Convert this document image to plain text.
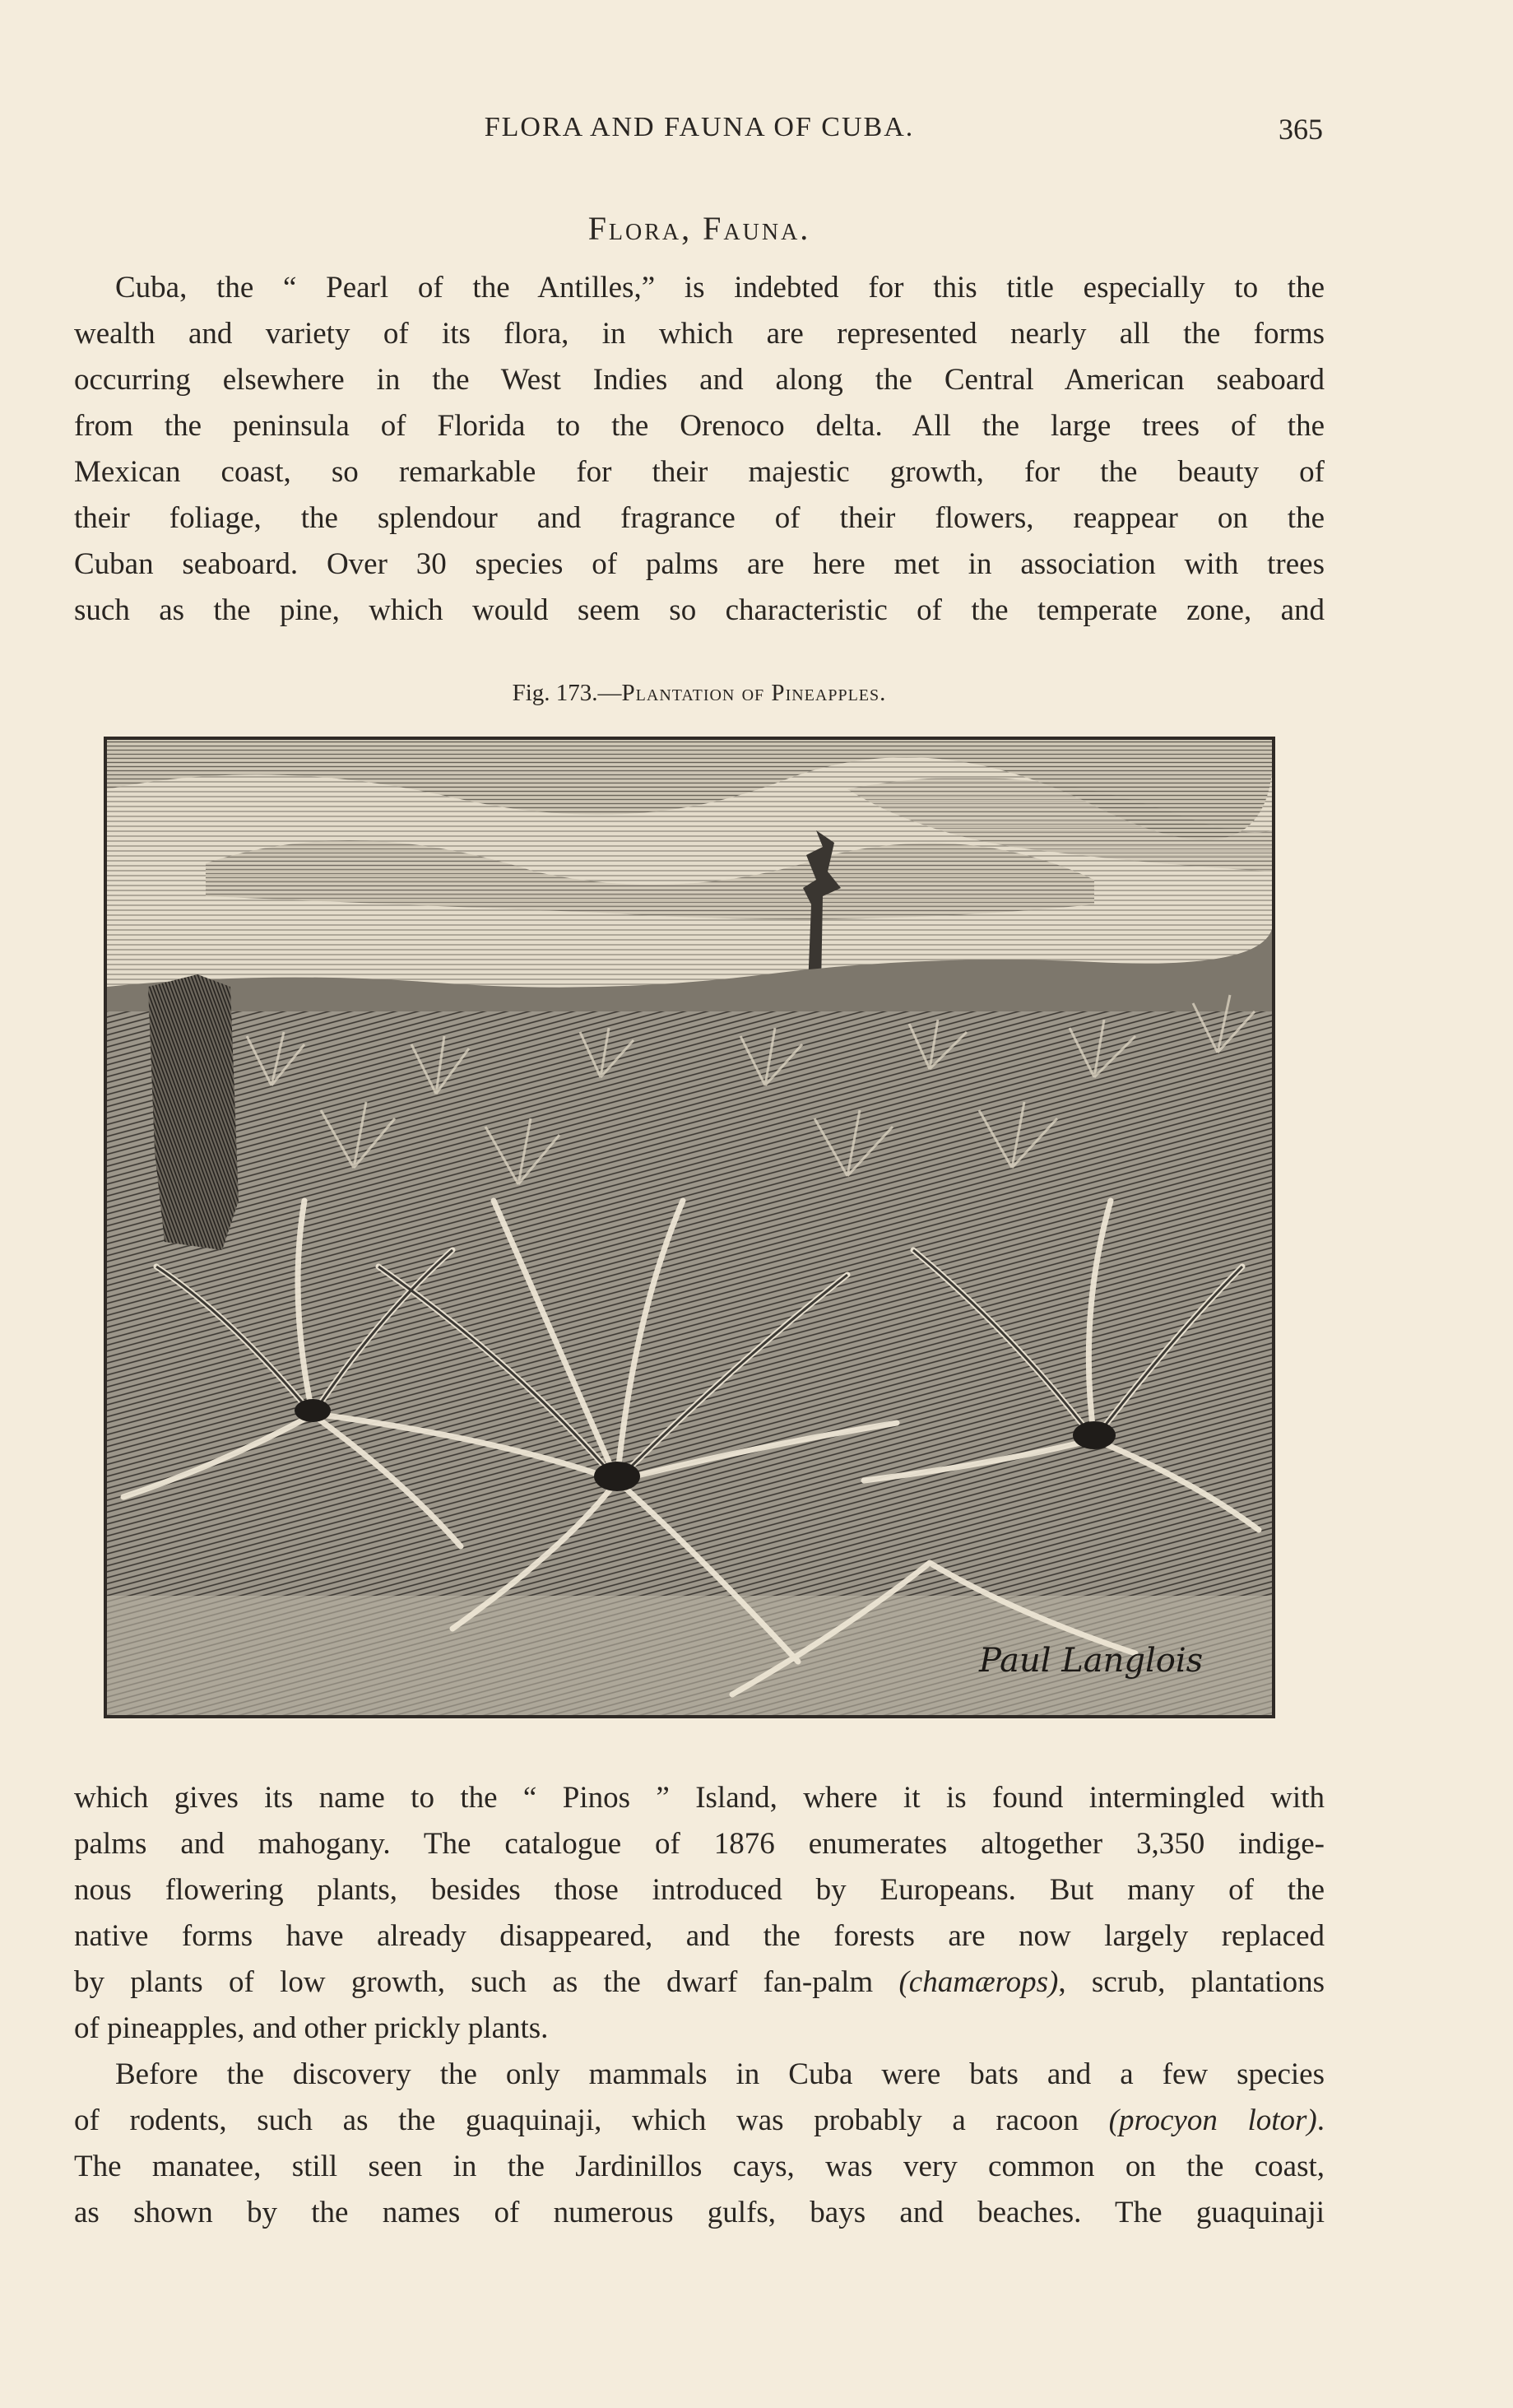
FLORA AND FAUNA OF CUBA.	365
Flora, Fauna.

Cuba, the “ Pearl of the Antilles,” is indebted for this title especially to the
wealth and variety of its flora, in which are represented nearly all the forms
occurring elsewhere in the West Indies and along the Central American seaboard
from the peninsula of Florida to the Orenoco delta. All the large trees of the
Mexican coast, so remarkable for their majestic growth, for the beauty of
their foliage, the splendour and fragrance of their flowers, reappear on the
Cuban seaboard. Over 30 species of palms are here met in association with trees
such as the pine, which would seem so characteristic of the temperate zone, and

Fig. 173.—Plantation of Pineapples.
Paul Langlois

which gives its name to the “ Pinos ” Island, where it is found intermingled with
palms and mahogany. The catalogue of 1876 enumerates altogether 3,350 indige-
nous flowering plants, besides those introduced by Europeans. But many of the
native forms have already disappeared, and the forests are now largely replaced
by plants of low growth, such as the dwarf fan-palm (chamærops), scrub, plantations
of pineapples, and other prickly plants.

Before the discovery the only mammals in Cuba were bats and a few species
of rodents, such as the guaquinaji, which was probably a racoon (procyon lotor).
The manatee, still seen in the Jardinillos cays, was very common on the coast,
as shown by the names of numerous gulfs, bays and beaches. The guaquinaji
